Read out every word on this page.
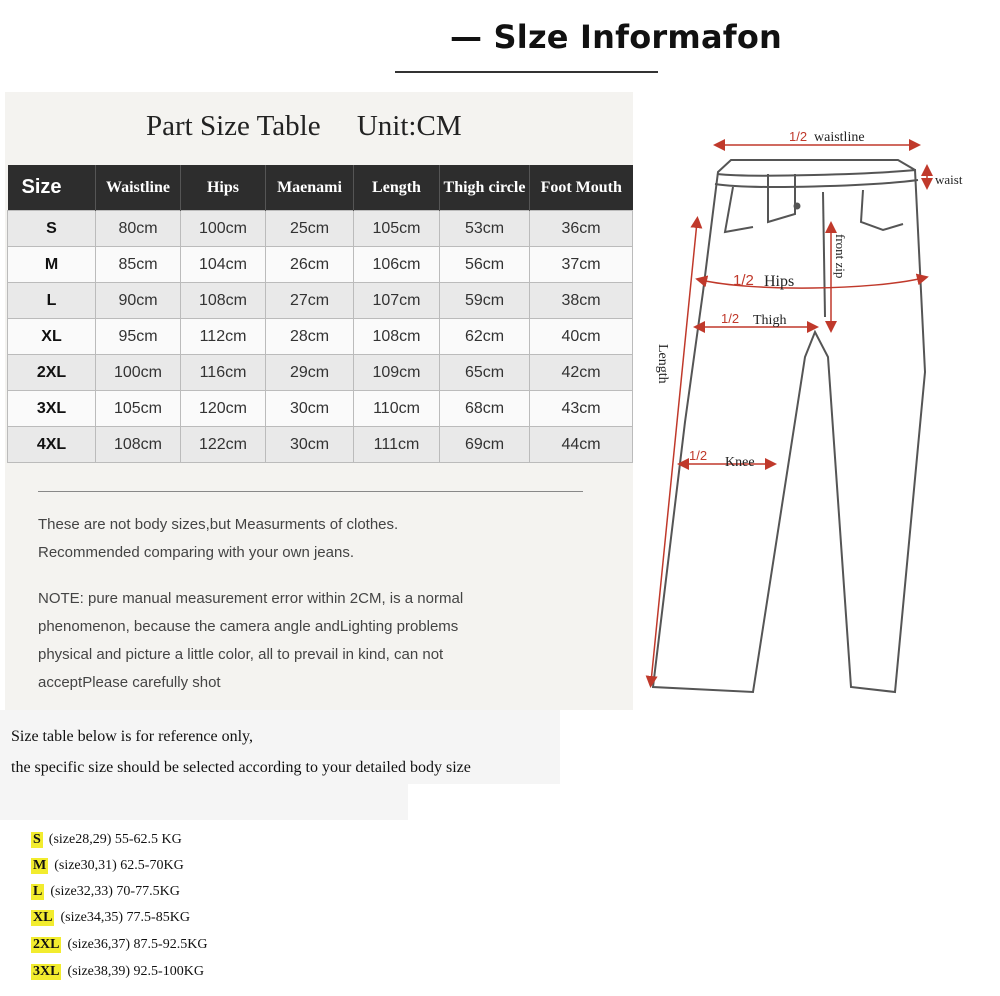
— Slze Informafon
Part Size Table     Unit:CM
Size	Waistline	Hips	Maenami	Length	Thigh circle	Foot Mouth
S	80cm	100cm	25cm	105cm	53cm	36cm
M	85cm	104cm	26cm	106cm	56cm	37cm
L	90cm	108cm	27cm	107cm	59cm	38cm
XL	95cm	112cm	28cm	108cm	62cm	40cm
2XL	100cm	116cm	29cm	109cm	65cm	42cm
3XL	105cm	120cm	30cm	110cm	68cm	43cm
4XL	108cm	122cm	30cm	111cm	69cm	44cm
These are not body sizes,but Measurments of clothes.
Recommended comparing with your own jeans.
NOTE: pure manual measurement error within 2CM, is a normal
phenomenon, because the camera angle andLighting problems
physical and picture a little color, all to prevail in kind, can not
acceptPlease carefully shot
Size table below is for reference only,
the specific size should be selected according to your detailed body size
S (size28,29) 55-62.5 KG
M (size30,31) 62.5-70KG
L (size32,33) 70-77.5KG
XL (size34,35) 77.5-85KG
2XL (size36,37) 87.5-92.5KG
3XL (size38,39) 92.5-100KG
1/2 waistline
waist
front zip
1/2 Hips
1/2 Thigh
Length
1/2 Knee
